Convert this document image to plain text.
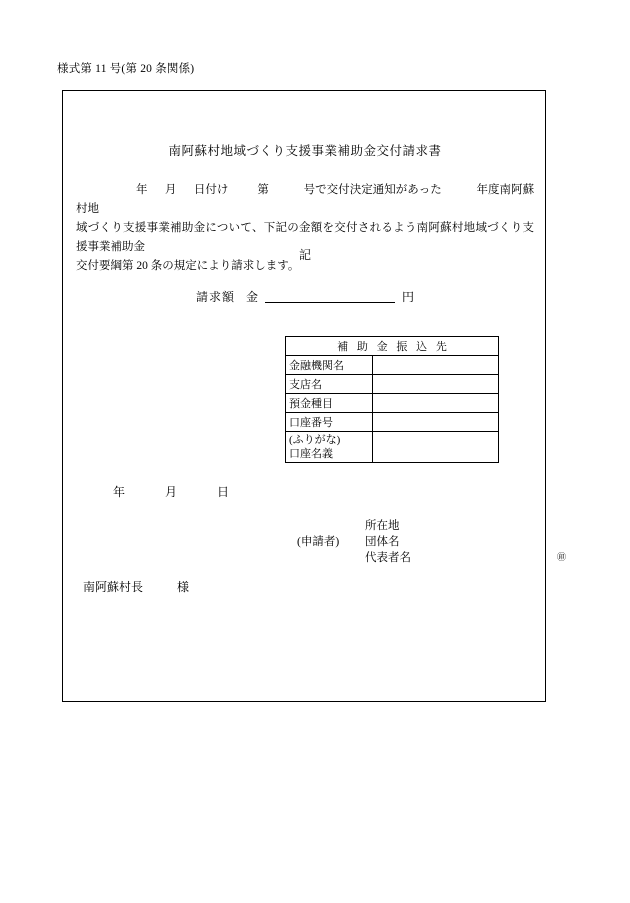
様式第 11 号(第 20 条関係)
南阿蘇村地域づくり支援事業補助金交付請求書
年 月 日付け	第	号で交付決定通知があった	年度南阿蘇村地
域づくり支援事業補助金について、下記の金額を交付されるよう南阿蘇村地域づくり支援事業補助金
交付要綱第 20 条の規定により請求します。
記
請求額 金	円
補 助 金 振 込 先	
金融機関名	
支店名	
預金種目	
口座番号	
(ふりがな)
口座名義	
年	月	日
所在地
(申請者) 団体名
代表者名	㊞
南阿蘇村長	様
